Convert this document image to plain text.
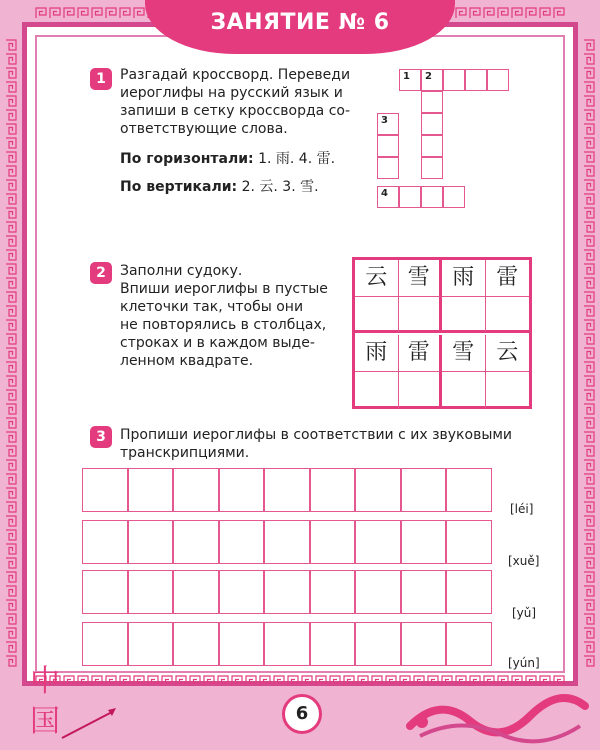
ЗАНЯТИЕ № 6
1	Разгадай кроссворд. Переведи
иероглифы на русский язык и
запиши в сетку кроссворда со-
ответствующие слова.
По горизонтали: 1. 雨. 4. 雷.
По вертикали: 2. 云. 3. 雪.
1	2
3
4
2	Заполни судоку.
Впиши иероглифы в пустые
клеточки так, чтобы они
не повторялись в столбцах,
строках и в каждом выде-
ленном квадрате.
云 雪	雨 雷
雨 雷	雪 云
3	Пропиши иероглифы в соответствии с их звуковыми
транскрипциями.
[léi]
[xuě]
[yǔ]
[yún]
中
国	6
